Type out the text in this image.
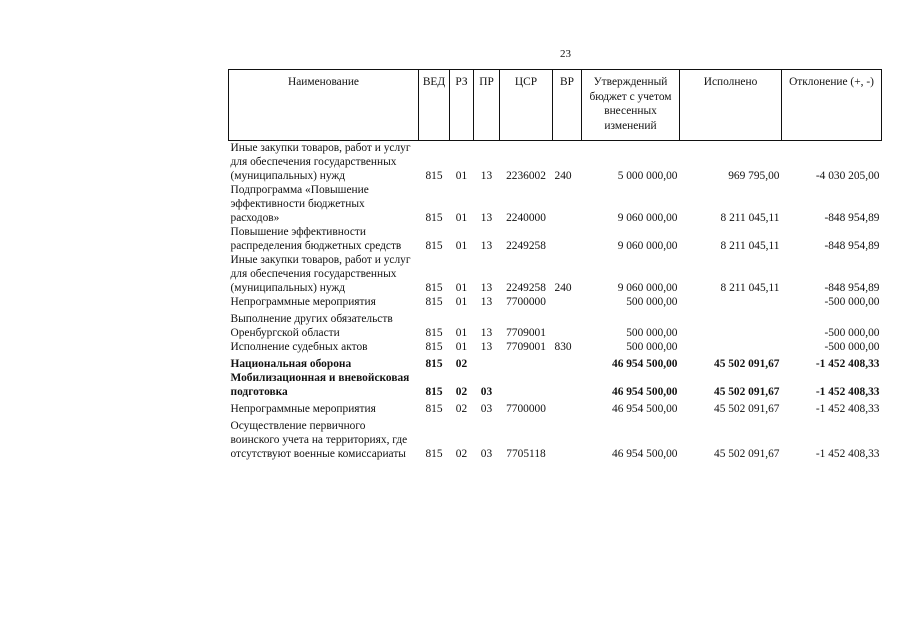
23
Наименование	ВЕД	РЗ	ПР	ЦСР	ВР	Утвержденный бюджет с учетом внесенных изменений	Исполнено	Отклонение (+, -)
Иные закупки товаров, работ и услуг для обеспечения государственных (муниципальных) нужд	815	01	13	2236002	240	5 000 000,00	969 795,00	-4 030 205,00
Подпрограмма «Повышение эффективности бюджетных расходов»	815	01	13	2240000		9 060 000,00	8 211 045,11	-848 954,89
Повышение эффективности распределения бюджетных средств	815	01	13	2249258		9 060 000,00	8 211 045,11	-848 954,89
Иные закупки товаров, работ и услуг для обеспечения государственных (муниципальных) нужд	815	01	13	2249258	240	9 060 000,00	8 211 045,11	-848 954,89
Непрограммные мероприятия	815	01	13	7700000		500 000,00		-500 000,00
Выполнение других обязательств Оренбургской области	815	01	13	7709001		500 000,00		-500 000,00
Исполнение судебных актов	815	01	13	7709001	830	500 000,00		-500 000,00
Национальная оборона	815	02				46 954 500,00	45 502 091,67	-1 452 408,33
Мобилизационная и вневойсковая подготовка	815	02	03			46 954 500,00	45 502 091,67	-1 452 408,33
Непрограммные мероприятия	815	02	03	7700000		46 954 500,00	45 502 091,67	-1 452 408,33
Осуществление первичного воинского учета на территориях, где отсутствуют военные комиссариаты	815	02	03	7705118		46 954 500,00	45 502 091,67	-1 452 408,33
